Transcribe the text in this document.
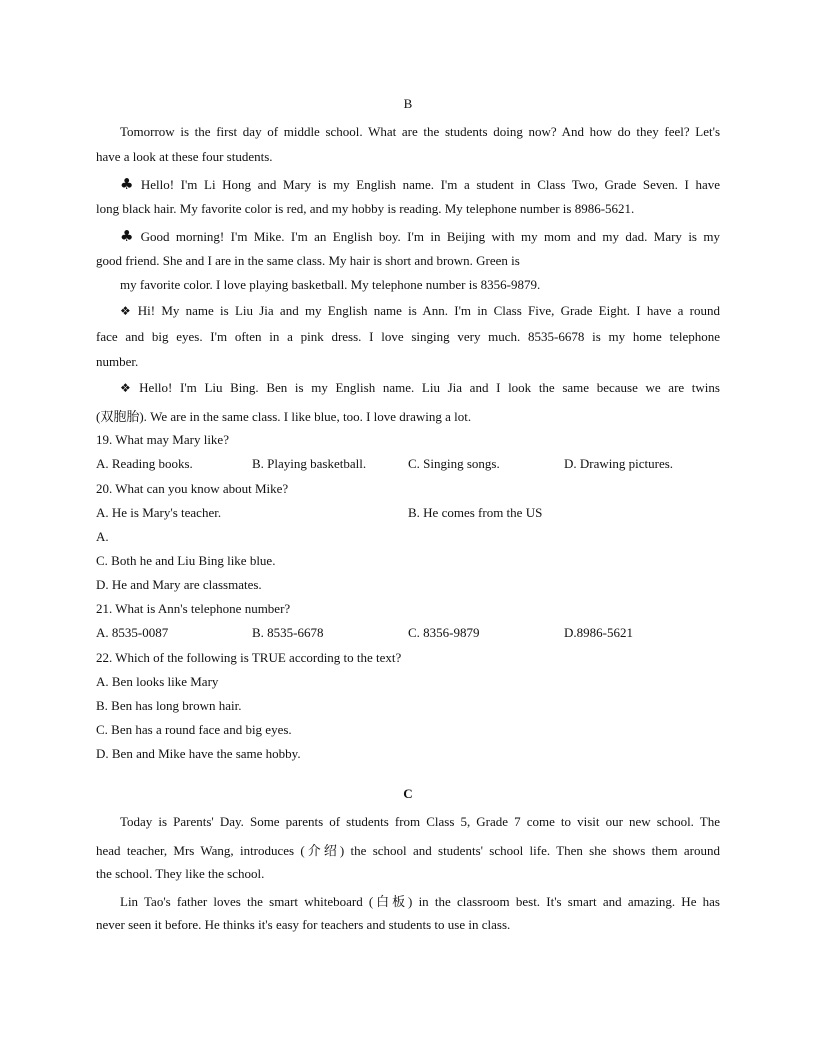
B
Tomorrow is the first day of middle school. What are the students doing now? And how do they feel? Let's
have a look at these four students.
♣ Hello! I'm Li Hong and Mary is my English name. I'm a student in Class Two, Grade Seven. I have
long black hair. My favorite color is red, and my hobby is reading. My telephone number is 8986-5621.
♣ Good morning! I'm Mike. I'm an English boy. I'm in Beijing with my mom and my dad. Mary is my
good friend. She and I are in the same class. My hair is short and brown. Green is
my favorite color. I love playing basketball. My telephone number is 8356-9879.
❖ Hi! My name is Liu Jia and my English name is Ann. I'm in Class Five, Grade Eight. I have a round
face and big eyes. I'm often in a pink dress. I love singing very much. 8535-6678 is my home telephone
number.
❖ Hello! I'm Liu Bing. Ben is my English name. Liu Jia and I look the same because we are twins
(双胞胎). We are in the same class. I like blue, too. I love drawing a lot.
19. What may Mary like?
A. Reading books.	B. Playing basketball.	C. Singing songs.	D. Drawing pictures.
20. What can you know about Mike?
A. He is Mary's teacher.	B. He comes from the US
A.
C. Both he and Liu Bing like blue.
D. He and Mary are classmates.
21. What is Ann's telephone number?
A. 8535-0087	B. 8535-6678	C. 8356-9879	D.8986-5621
22. Which of the following is TRUE according to the text?
A. Ben looks like Mary
B. Ben has long brown hair.
C. Ben has a round face and big eyes.
D. Ben and Mike have the same hobby.
C
Today is Parents' Day. Some parents of students from Class 5, Grade 7 come to visit our new school. The
head teacher, Mrs Wang, introduces (介绍) the school and students' school life. Then she shows them around
the school. They like the school.
Lin Tao's father loves the smart whiteboard (白板) in the classroom best. It's smart and amazing. He has
never seen it before. He thinks it's easy for teachers and students to use in class.
